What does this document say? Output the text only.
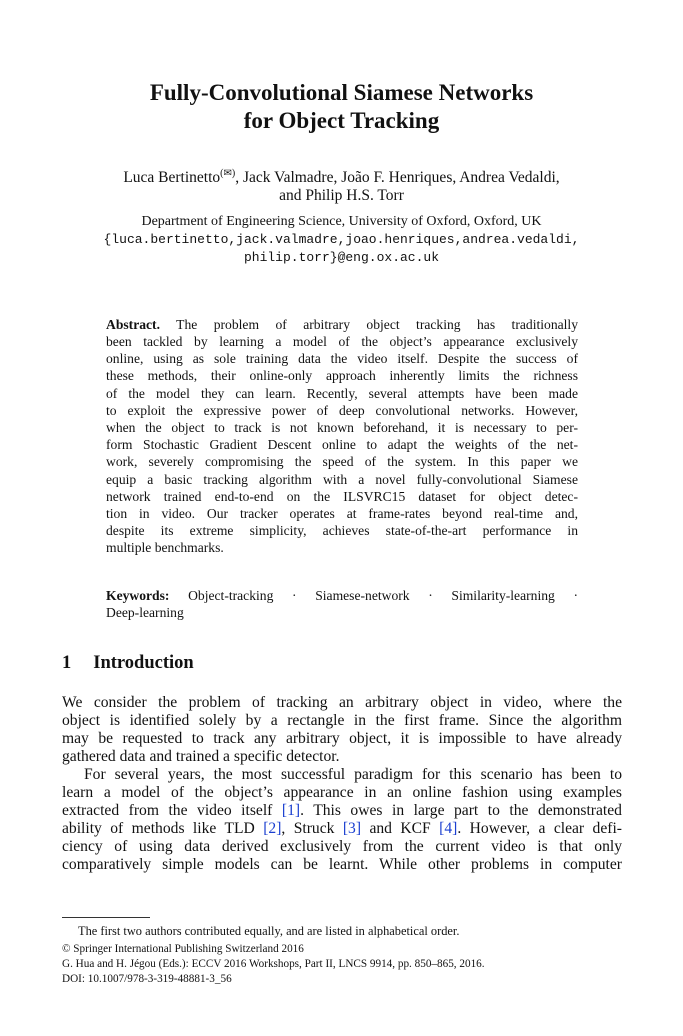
Fully-Convolutional Siamese Networks
for Object Tracking
Luca Bertinetto(✉), Jack Valmadre, João F. Henriques, Andrea Vedaldi,
and Philip H.S. Torr
Department of Engineering Science, University of Oxford, Oxford, UK
{luca.bertinetto,jack.valmadre,joao.henriques,andrea.vedaldi,
philip.torr}@eng.ox.ac.uk
Abstract. The problem of arbitrary object tracking has traditionally
been tackled by learning a model of the object’s appearance exclusively
online, using as sole training data the video itself. Despite the success of
these methods, their online-only approach inherently limits the richness
of the model they can learn. Recently, several attempts have been made
to exploit the expressive power of deep convolutional networks. However,
when the object to track is not known beforehand, it is necessary to per-
form Stochastic Gradient Descent online to adapt the weights of the net-
work, severely compromising the speed of the system. In this paper we
equip a basic tracking algorithm with a novel fully-convolutional Siamese
network trained end-to-end on the ILSVRC15 dataset for object detec-
tion in video. Our tracker operates at frame-rates beyond real-time and,
despite its extreme simplicity, achieves state-of-the-art performance in
multiple benchmarks.
Keywords: Object-tracking · Siamese-network · Similarity-learning ·
Deep-learning
1 Introduction
We consider the problem of tracking an arbitrary object in video, where the
object is identified solely by a rectangle in the first frame. Since the algorithm
may be requested to track any arbitrary object, it is impossible to have already
gathered data and trained a specific detector.
For several years, the most successful paradigm for this scenario has been to
learn a model of the object’s appearance in an online fashion using examples
extracted from the video itself [1]. This owes in large part to the demonstrated
ability of methods like TLD [2], Struck [3] and KCF [4]. However, a clear defi-
ciency of using data derived exclusively from the current video is that only
comparatively simple models can be learnt. While other problems in computer
The first two authors contributed equally, and are listed in alphabetical order.
© Springer International Publishing Switzerland 2016
G. Hua and H. Jégou (Eds.): ECCV 2016 Workshops, Part II, LNCS 9914, pp. 850–865, 2016.
DOI: 10.1007/978-3-319-48881-3_56
